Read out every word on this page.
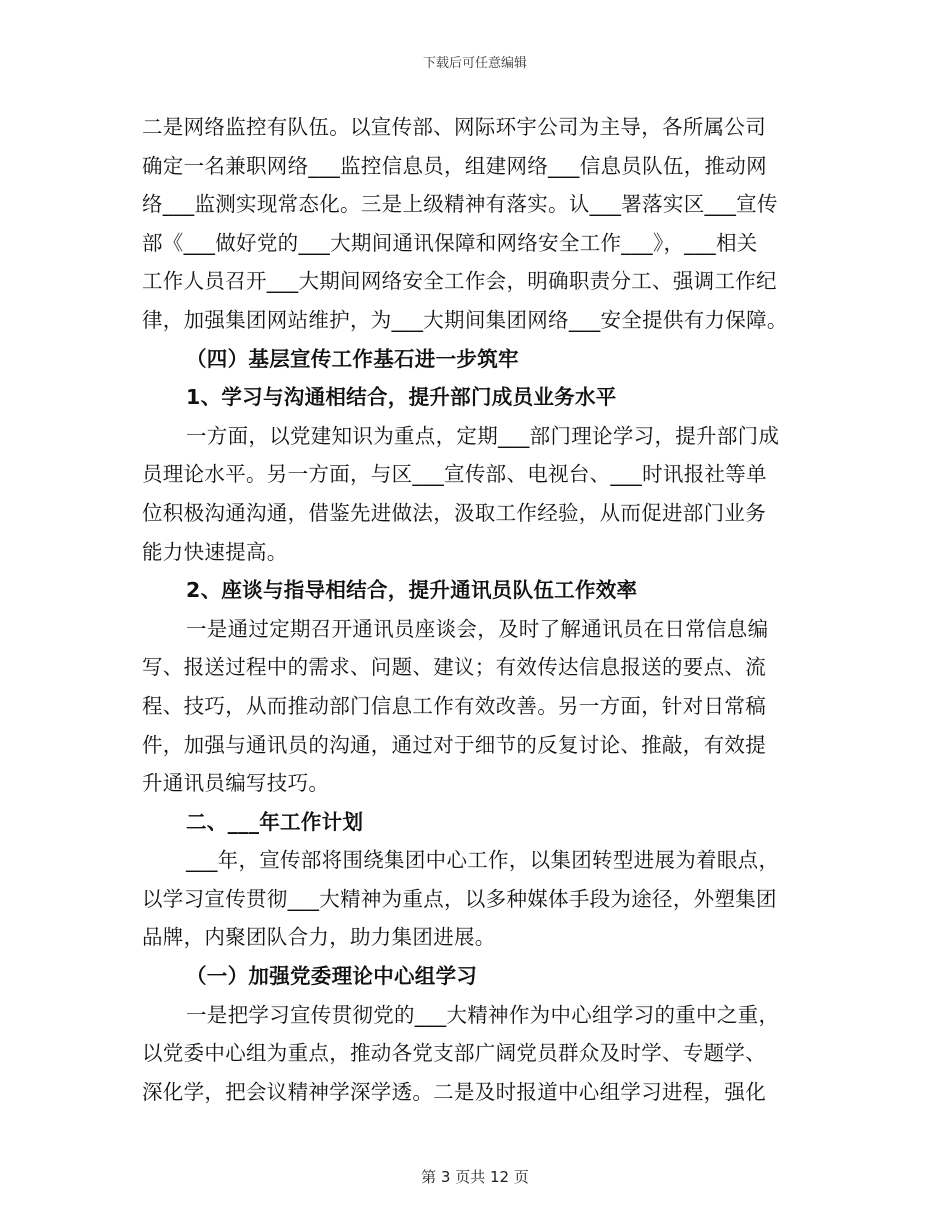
下载后可任意编辑
二是网络监控有队伍。以宣传部、网际环宇公司为主导，各所属公司
确定一名兼职网络___监控信息员，组建网络___信息员队伍，推动网
络___监测实现常态化。三是上级精神有落实。认___署落实区___宣传
部《___做好党的___大期间通讯保障和网络安全工作___》，___相关
工作人员召开___大期间网络安全工作会，明确职责分工、强调工作纪
律，加强集团网站维护，为___大期间集团网络___安全提供有力保障。
（四）基层宣传工作基石进一步筑牢
1、学习与沟通相结合，提升部门成员业务水平
一方面，以党建知识为重点，定期___部门理论学习，提升部门成
员理论水平。另一方面，与区___宣传部、电视台、___时讯报社等单
位积极沟通沟通，借鉴先进做法，汲取工作经验，从而促进部门业务
能力快速提高。
2、座谈与指导相结合，提升通讯员队伍工作效率
一是通过定期召开通讯员座谈会，及时了解通讯员在日常信息编
写、报送过程中的需求、问题、建议；有效传达信息报送的要点、流
程、技巧，从而推动部门信息工作有效改善。另一方面，针对日常稿
件，加强与通讯员的沟通，通过对于细节的反复讨论、推敲，有效提
升通讯员编写技巧。
二、___年工作计划
___年，宣传部将围绕集团中心工作，以集团转型进展为着眼点，
以学习宣传贯彻___大精神为重点，以多种媒体手段为途径，外塑集团
品牌，内聚团队合力，助力集团进展。
（一）加强党委理论中心组学习
一是把学习宣传贯彻党的___大精神作为中心组学习的重中之重，
以党委中心组为重点，推动各党支部广阔党员群众及时学、专题学、
深化学，把会议精神学深学透。二是及时报道中心组学习进程，强化
第 3 页共 12 页
